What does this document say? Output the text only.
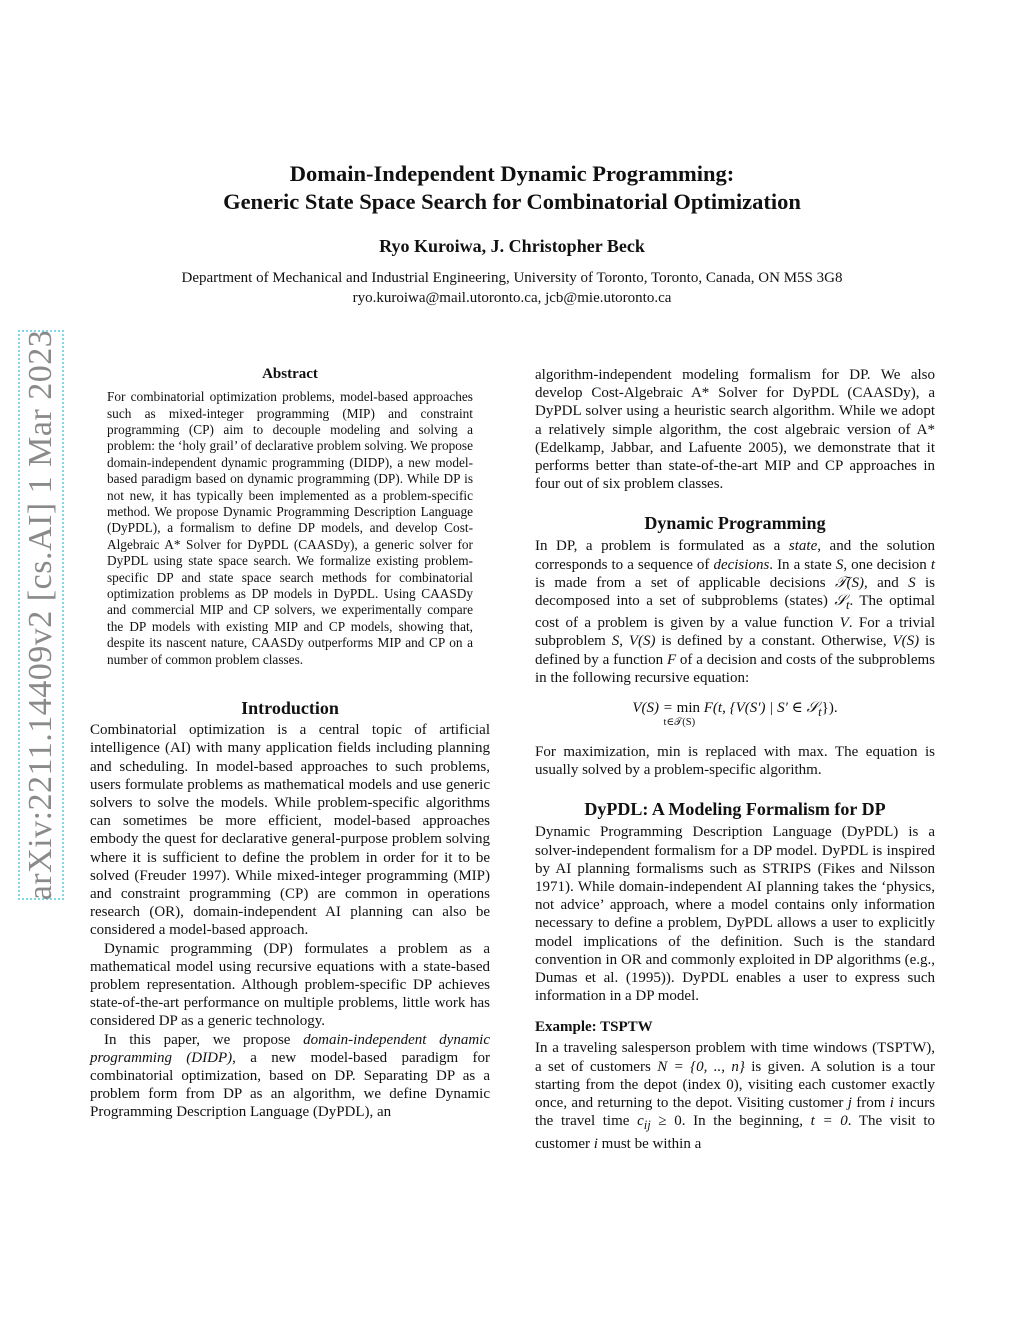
arXiv:2211.14409v2 [cs.AI] 1 Mar 2023
Domain-Independent Dynamic Programming:
Generic State Space Search for Combinatorial Optimization
Ryo Kuroiwa, J. Christopher Beck
Department of Mechanical and Industrial Engineering, University of Toronto, Toronto, Canada, ON M5S 3G8
ryo.kuroiwa@mail.utoronto.ca, jcb@mie.utoronto.ca
Abstract

For combinatorial optimization problems, model-based approaches such as mixed-integer programming (MIP) and constraint programming (CP) aim to decouple modeling and solving a problem: the ‘holy grail’ of declarative problem solving. We propose domain-independent dynamic programming (DIDP), a new model-based paradigm based on dynamic programming (DP). While DP is not new, it has typically been implemented as a problem-specific method. We propose Dynamic Programming Description Language (DyPDL), a formalism to define DP models, and develop Cost-Algebraic A* Solver for DyPDL (CAASDy), a generic solver for DyPDL using state space search. We formalize existing problem-specific DP and state space search methods for combinatorial optimization problems as DP models in DyPDL. Using CAASDy and commercial MIP and CP solvers, we experimentally compare the DP models with existing MIP and CP models, showing that, despite its nascent nature, CAASDy outperforms MIP and CP on a number of common problem classes.

Introduction

Combinatorial optimization is a central topic of artificial intelligence (AI) with many application fields including planning and scheduling. In model-based approaches to such problems, users formulate problems as mathematical models and use generic solvers to solve the models. While problem-specific algorithms can sometimes be more efficient, model-based approaches embody the quest for declarative general-purpose problem solving where it is sufficient to define the problem in order for it to be solved (Freuder 1997). While mixed-integer programming (MIP) and constraint programming (CP) are common in operations research (OR), domain-independent AI planning can also be considered a model-based approach.

Dynamic programming (DP) formulates a problem as a mathematical model using recursive equations with a state-based problem representation. Although problem-specific DP achieves state-of-the-art performance on multiple problems, little work has considered DP as a generic technology.

In this paper, we propose domain-independent dynamic programming (DIDP), a new model-based paradigm for combinatorial optimization, based on DP. Separating DP as a problem form from DP as an algorithm, we define Dynamic Programming Description Language (DyPDL), an

algorithm-independent modeling formalism for DP. We also develop Cost-Algebraic A* Solver for DyPDL (CAASDy), a DyPDL solver using a heuristic search algorithm. While we adopt a relatively simple algorithm, the cost algebraic version of A* (Edelkamp, Jabbar, and Lafuente 2005), we demonstrate that it performs better than state-of-the-art MIP and CP approaches in four out of six problem classes.

Dynamic Programming

In DP, a problem is formulated as a state, and the solution corresponds to a sequence of decisions. In a state S, one decision t is made from a set of applicable decisions 𝒯(S), and S is decomposed into a set of subproblems (states) 𝒮$_t$. The optimal cost of a problem is given by a value function V. For a trivial subproblem S, V(S) is defined by a constant. Otherwise, V(S) is defined by a function F of a decision and costs of the subproblems in the following recursive equation:

V(S) = min
t∈𝒯(S)
F(t, {V(S′) | S′ ∈ 𝒮$_t$}).

For maximization, min is replaced with max. The equation is usually solved by a problem-specific algorithm.

DyPDL: A Modeling Formalism for DP

Dynamic Programming Description Language (DyPDL) is a solver-independent formalism for a DP model. DyPDL is inspired by AI planning formalisms such as STRIPS (Fikes and Nilsson 1971). While domain-independent AI planning takes the ‘physics, not advice’ approach, where a model contains only information necessary to define a problem, DyPDL allows a user to explicitly model implications of the definition. Such is the standard convention in OR and commonly exploited in DP algorithms (e.g., Dumas et al. (1995)). DyPDL enables a user to express such information in a DP model.

Example: TSPTW

In a traveling salesperson problem with time windows (TSPTW), a set of customers N = {0, .., n} is given. A solution is a tour starting from the depot (index 0), visiting each customer exactly once, and returning to the depot. Visiting customer j from i incurs the travel time $c_{ij} \ge 0$. In the beginning, t = 0. The visit to customer i must be within a
